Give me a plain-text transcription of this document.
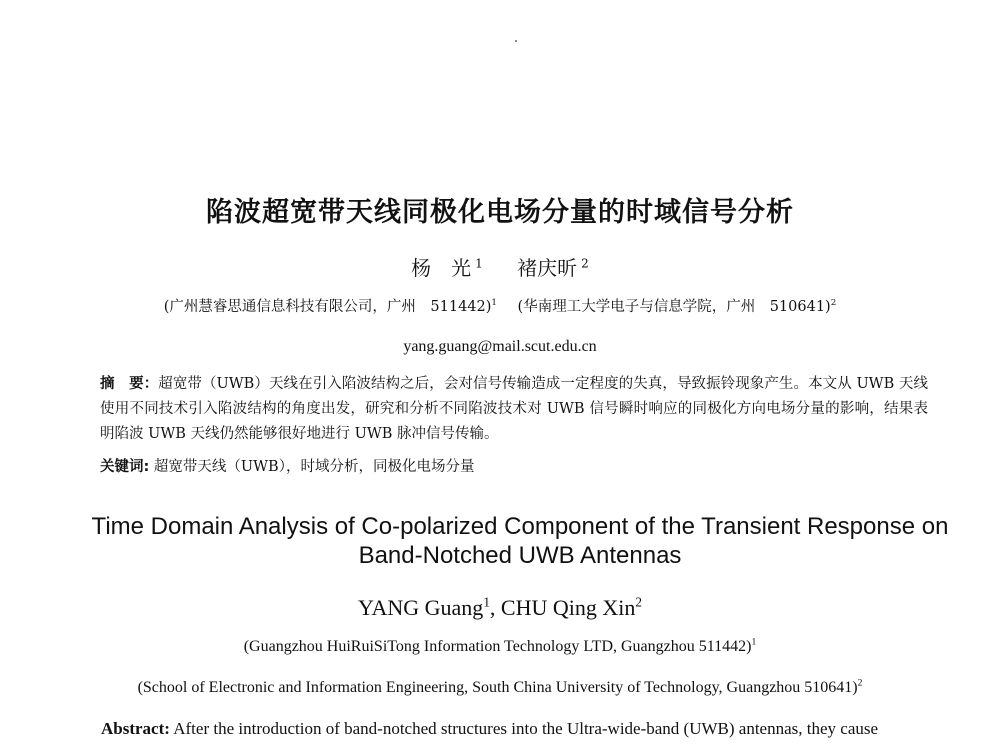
陷波超宽带天线同极化电场分量的时域信号分析
杨　光  $^1$ 褚庆昕  $^2$
(广州慧睿思通信息科技有限公司，广州　511442)$^1$ (华南理工大学电子与信息学院，广州　510641)$^2$
yang.guang@mail.scut.edu.cn
摘　要：超宽带（UWB）天线在引入陷波结构之后，会对信号传输造成一定程度的失真，导致振铃现象产生。本文从 UWB 天线使用不同技术引入陷波结构的角度出发，研究和分析不同陷波技术对 UWB 信号瞬时响应的同极化方向电场分量的影响，结果表明陷波 UWB 天线仍然能够很好地进行 UWB 脉冲信号传输。
关键词: 超宽带天线（UWB），时域分析，同极化电场分量
Time Domain Analysis of Co-polarized Component of the Transient Response on Band-Notched UWB Antennas
YANG Guang$^1$, CHU Qing Xin$^2$
(Guangzhou HuiRuiSiTong Information Technology LTD, Guangzhou 511442)$^1$
(School of Electronic and Information Engineering, South China University of Technology, Guangzhou 510641)$^2$
Abstract: After the introduction of band-notched structures into the Ultra-wide-band (UWB) antennas, they cause
